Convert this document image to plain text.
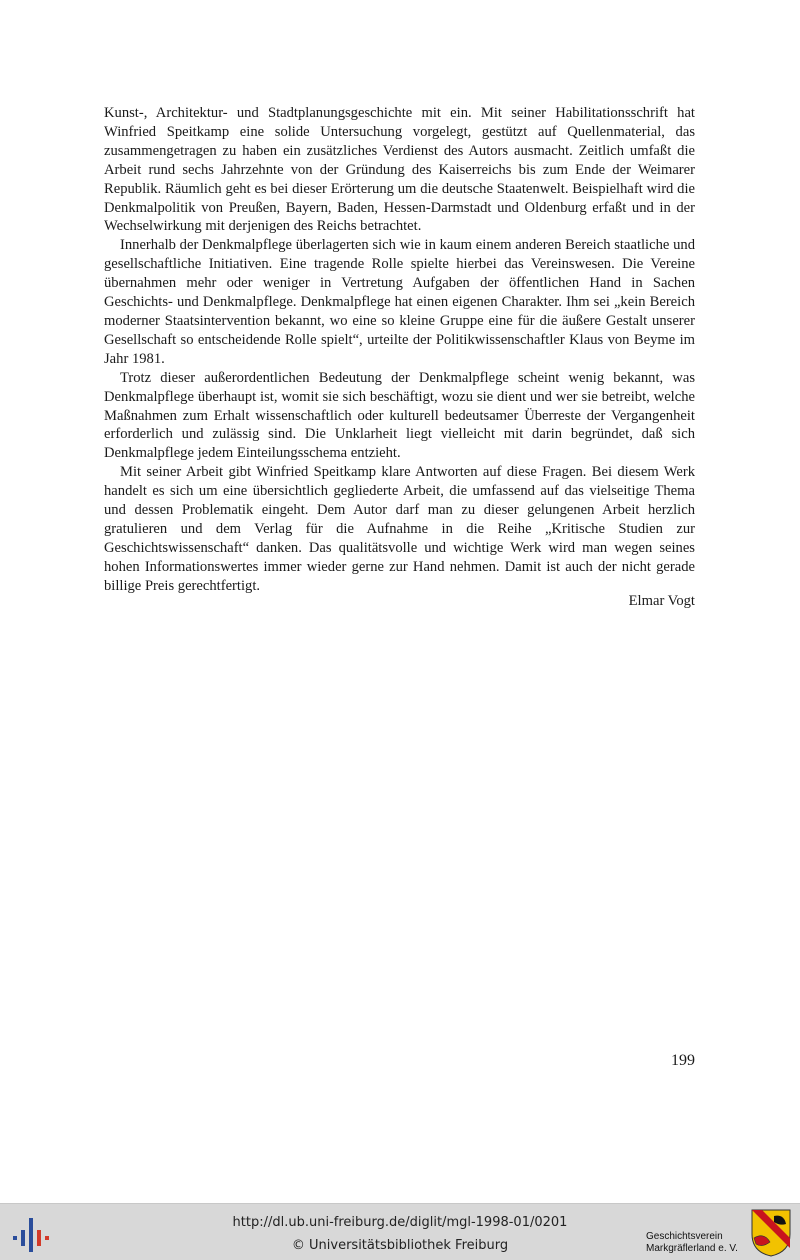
Kunst-, Architektur- und Stadtplanungsgeschichte mit ein. Mit seiner Habilitationsschrift hat Winfried Speitkamp eine solide Untersuchung vorgelegt, gestützt auf Quellenmaterial, das zusammengetragen zu haben ein zusätzliches Verdienst des Autors ausmacht. Zeitlich umfaßt die Arbeit rund sechs Jahrzehnte von der Gründung des Kaiserreichs bis zum Ende der Weimarer Republik. Räumlich geht es bei dieser Erörterung um die deutsche Staatenwelt. Beispielhaft wird die Denkmalpolitik von Preußen, Bayern, Baden, Hessen-Darmstadt und Oldenburg erfaßt und in der Wechselwirkung mit derjenigen des Reichs betrachtet.

Innerhalb der Denkmalpflege überlagerten sich wie in kaum einem anderen Bereich staatliche und gesellschaftliche Initiativen. Eine tragende Rolle spielte hierbei das Vereinswesen. Die Vereine übernahmen mehr oder weniger in Vertretung Aufgaben der öffentlichen Hand in Sachen Geschichts- und Denkmalpflege. Denkmalpflege hat einen eigenen Charakter. Ihm sei „kein Bereich moderner Staatsintervention bekannt, wo eine so kleine Gruppe eine für die äußere Gestalt unserer Gesellschaft so entscheidende Rolle spielt“, urteilte der Politikwissenschaftler Klaus von Beyme im Jahr 1981.

Trotz dieser außerordentlichen Bedeutung der Denkmalpflege scheint wenig bekannt, was Denkmalpflege überhaupt ist, womit sie sich beschäftigt, wozu sie dient und wer sie betreibt, welche Maßnahmen zum Erhalt wissenschaftlich oder kulturell bedeutsamer Überreste der Vergangenheit erforderlich und zulässig sind. Die Unklarheit liegt vielleicht mit darin begründet, daß sich Denkmalpflege jedem Einteilungsschema entzieht.

Mit seiner Arbeit gibt Winfried Speitkamp klare Antworten auf diese Fragen. Bei diesem Werk handelt es sich um eine übersichtlich gegliederte Arbeit, die umfassend auf das vielseitige Thema und dessen Problematik eingeht. Dem Autor darf man zu dieser gelungenen Arbeit herzlich gratulieren und dem Verlag für die Aufnahme in die Reihe „Kritische Studien zur Geschichtswissenschaft“ danken. Das qualitätsvolle und wichtige Werk wird man wegen seines hohen Informationswertes immer wieder gerne zur Hand nehmen. Damit ist auch der nicht gerade billige Preis gerechtfertigt.

Elmar Vogt
199
http://dl.ub.uni-freiburg.de/diglit/mgl-1998-01/0201
© Universitätsbibliothek Freiburg
Geschichtsverein
Markgräflerland e. V.
